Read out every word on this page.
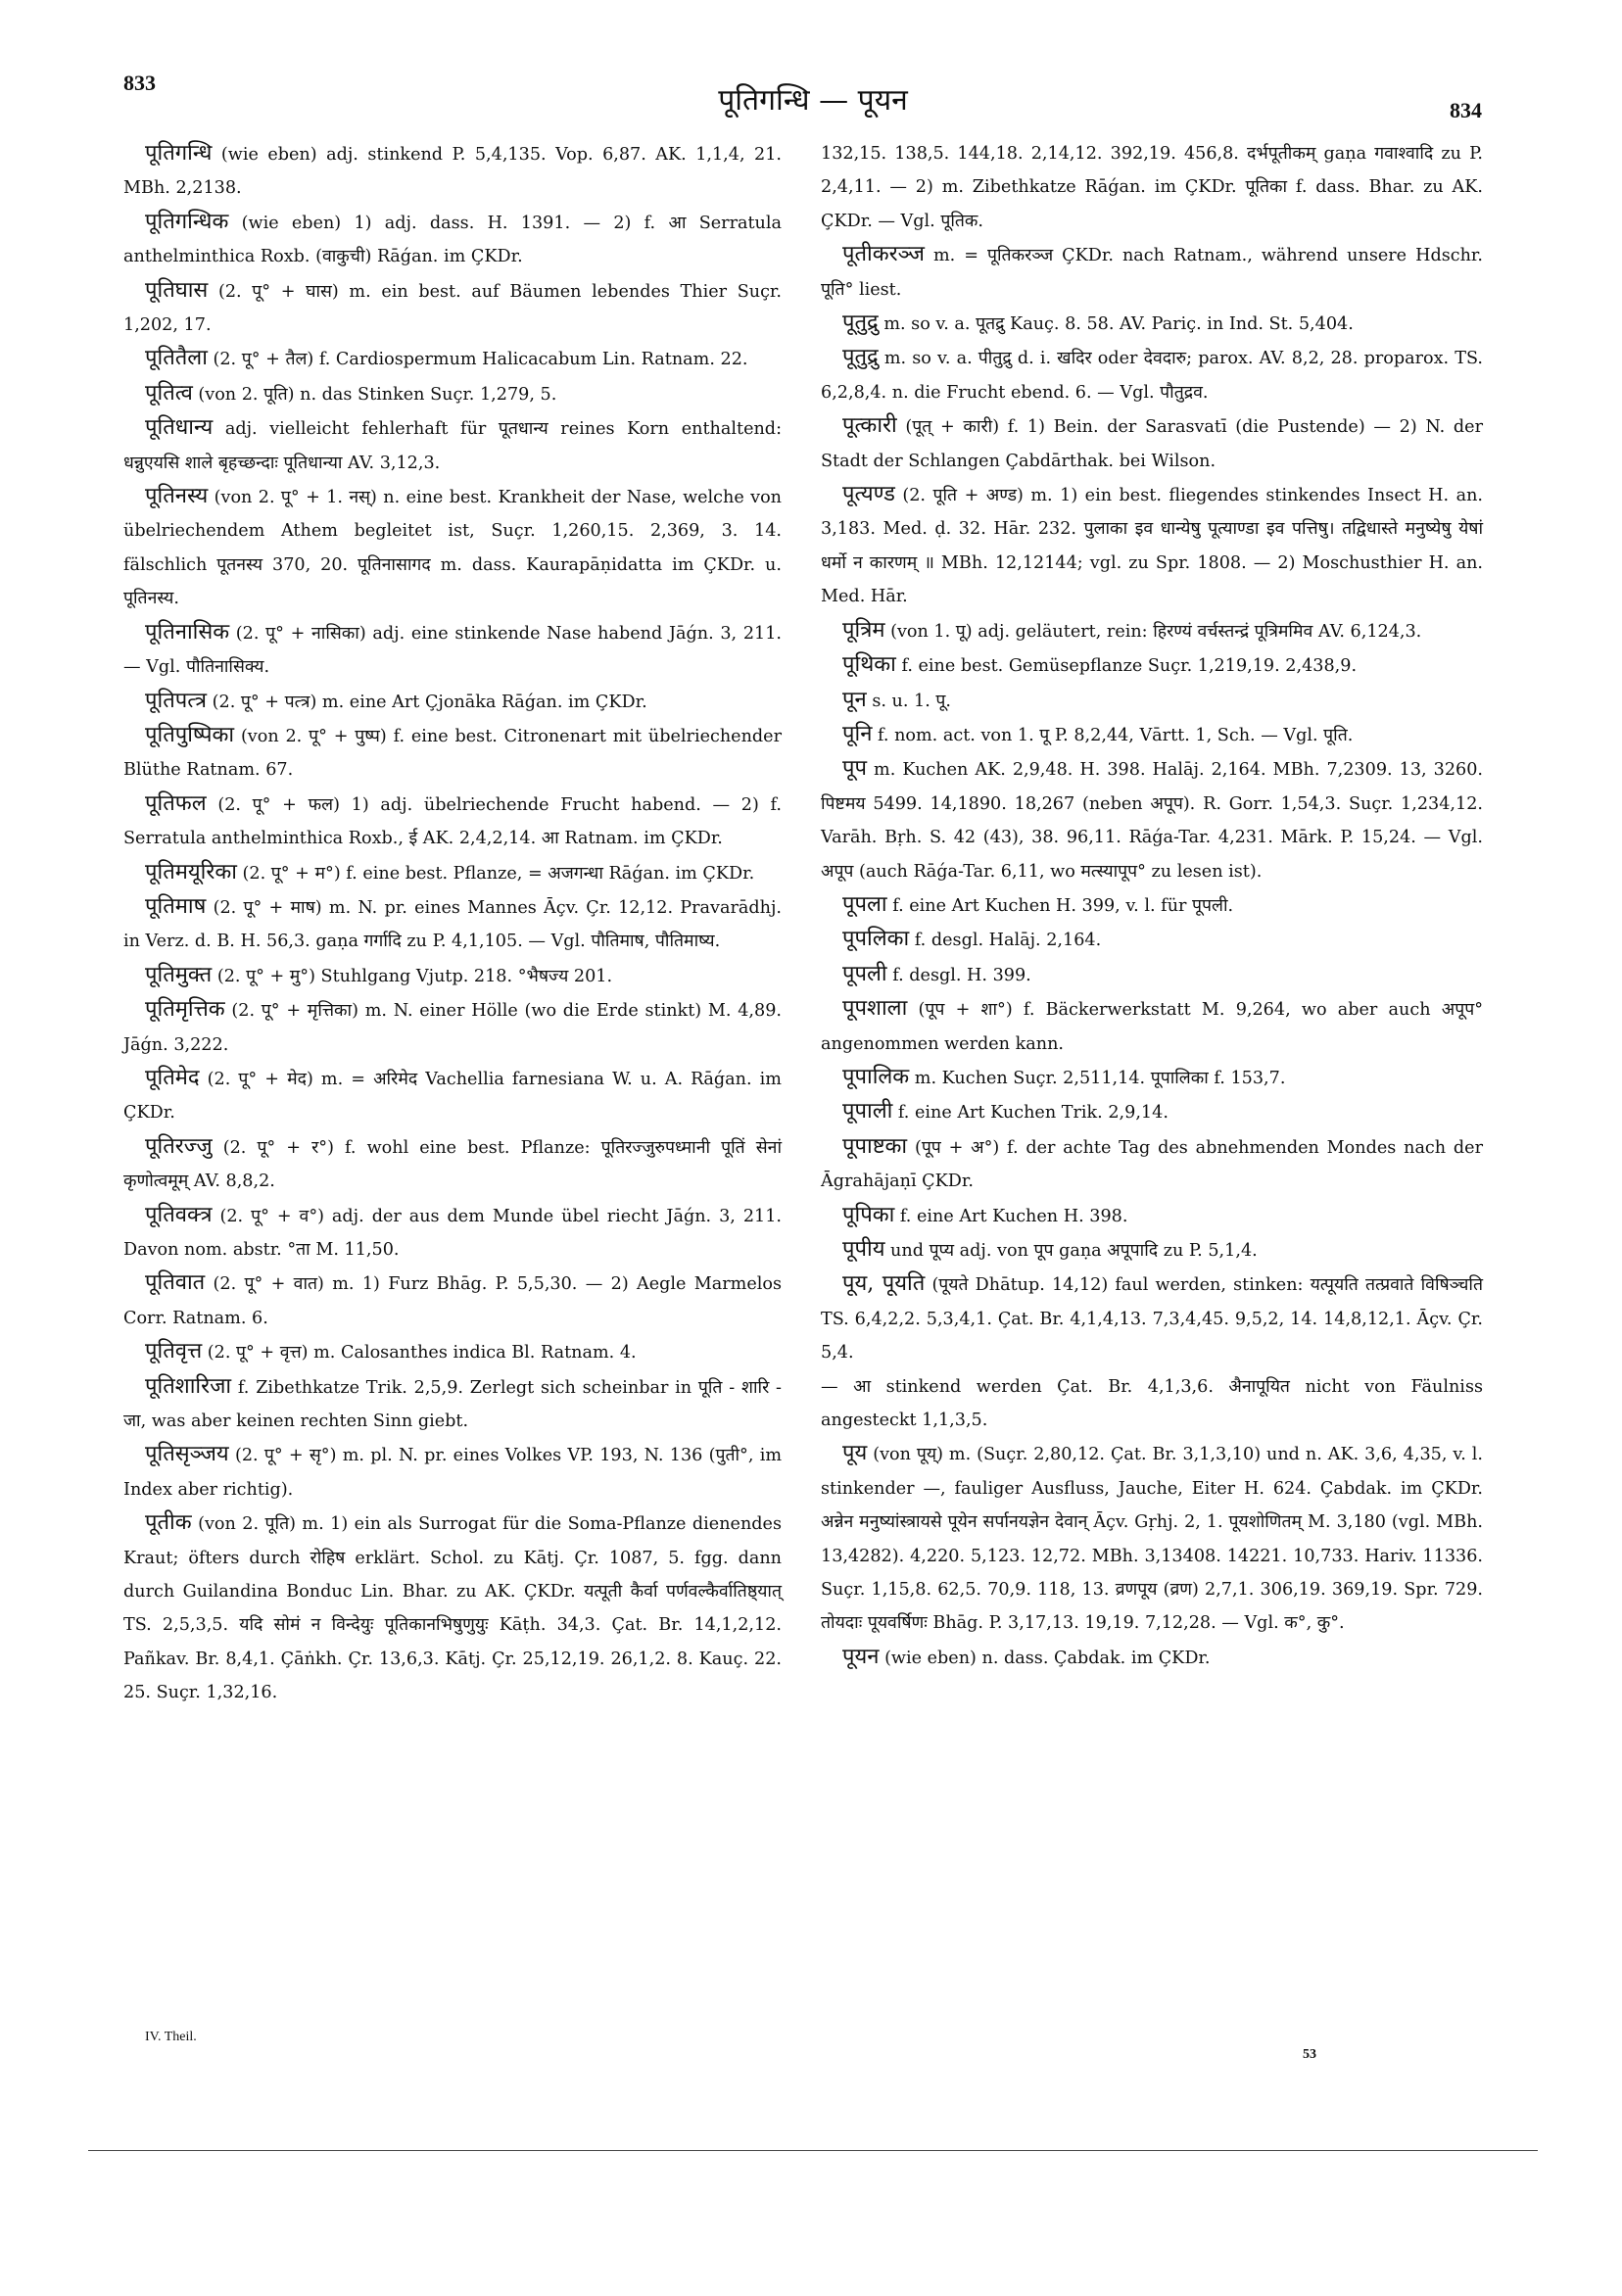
833
पूतिगन्धि — पूयन	834

पूतिगन्धि (wie eben) adj. stinkend P. 5,4,135. Vop. 6,87. AK. 1,1,4, 21. MBh. 2,2138.

पूतिगन्धिक (wie eben) 1) adj. dass. H. 1391. — 2) f. आ Serratula anthelminthica Roxb. (वाकुची) Rāǵan. im ÇKDr.

पूतिघास (2. पू° + घास) m. ein best. auf Bäumen lebendes Thier Suçr. 1,202, 17.

पूतितैला (2. पू° + तैल) f. Cardiospermum Halicacabum Lin. Ratnam. 22.

पूतित्व (von 2. पूति) n. das Stinken Suçr. 1,279, 5.

पूतिधान्य adj. vielleicht fehlerhaft für पूतधान्य reines Korn enthaltend: धन्नुएयसि शाले बृहच्छन्दाः पूतिधान्या AV. 3,12,3.

पूतिनस्य (von 2. पू° + 1. नस्) n. eine best. Krankheit der Nase, welche von übelriechendem Athem begleitet ist, Suçr. 1,260,15. 2,369, 3. 14. fälschlich पूतनस्य 370, 20. पूतिनासागद m. dass. Kaurapāṇidatta im ÇKDr. u. पूतिनस्य.

पूतिनासिक (2. पू° + नासिका) adj. eine stinkende Nase habend Jāǵn. 3, 211. — Vgl. पौतिनासिक्य.

पूतिपत्त्र (2. पू° + पत्त्र) m. eine Art Çjonāka Rāǵan. im ÇKDr.

पूतिपुष्पिका (von 2. पू° + पुष्प) f. eine best. Citronenart mit übelriechender Blüthe Ratnam. 67.

पूतिफल (2. पू° + फल) 1) adj. übelriechende Frucht habend. — 2) f. Serratula anthelminthica Roxb., ई AK. 2,4,2,14. आ Ratnam. im ÇKDr.

पूतिमयूरिका (2. पू° + म°) f. eine best. Pflanze, = अजगन्धा Rāǵan. im ÇKDr.

पूतिमाष (2. पू° + माष) m. N. pr. eines Mannes Āçv. Çr. 12,12. Pravarādhj. in Verz. d. B. H. 56,3. gaṇa गर्गादि zu P. 4,1,105. — Vgl. पौतिमाष, पौतिमाष्य.

पूतिमुक्त (2. पू° + मु°) Stuhlgang Vjutp. 218. °भैषज्य 201.

पूतिमृत्तिक (2. पू° + मृत्तिका) m. N. einer Hölle (wo die Erde stinkt) M. 4,89. Jāǵn. 3,222.

पूतिमेद (2. पू° + मेद) m. = अरिमेद Vachellia farnesiana W. u. A. Rāǵan. im ÇKDr.

पूतिरज्जु (2. पू° + र°) f. wohl eine best. Pflanze: पूतिरज्जुरुपध्मानी पूतिं सेनां कृणोत्वमूम् AV. 8,8,2.

पूतिवक्त्र (2. पू° + व°) adj. der aus dem Munde übel riecht Jāǵn. 3, 211. Davon nom. abstr. °ता M. 11,50.

पूतिवात (2. पू° + वात) m. 1) Furz Bhāg. P. 5,5,30. — 2) Aegle Marmelos Corr. Ratnam. 6.

पूतिवृत्त (2. पू° + वृत्त) m. Calosanthes indica Bl. Ratnam. 4.

पूतिशारिजा f. Zibethkatze Trik. 2,5,9. Zerlegt sich scheinbar in पूति - शारि - जा, was aber keinen rechten Sinn giebt.

पूतिसृञ्जय (2. पू° + सृ°) m. pl. N. pr. eines Volkes VP. 193, N. 136 (पुती°, im Index aber richtig).

पूतीक (von 2. पूति) m. 1) ein als Surrogat für die Soma-Pflanze dienendes Kraut; öfters durch रोहिष erklärt. Schol. zu Kātj. Çr. 1087, 5. fgg. dann durch Guilandina Bonduc Lin. Bhar. zu AK. ÇKDr. यत्पूती कैर्वा पर्णवल्कैर्वातिष्ठ्यात् TS. 2,5,3,5. यदि सोमं न विन्देयुः पूतिकानभिषुणुयुः Kāṭh. 34,3. Çat. Br. 14,1,2,12. Pañkav. Br. 8,4,1. Çāṅkh. Çr. 13,6,3. Kātj. Çr. 25,12,19. 26,1,2. 8. Kauç. 22. 25. Suçr. 1,32,16.

132,15. 138,5. 144,18. 2,14,12. 392,19. 456,8. दर्भपूतीकम् gaṇa गवाश्वादि zu P. 2,4,11. — 2) m. Zibethkatze Rāǵan. im ÇKDr. पूतिका f. dass. Bhar. zu AK. ÇKDr. — Vgl. पूतिक.

पूतीकरञ्ज m. = पूतिकरञ्ज ÇKDr. nach Ratnam., während unsere Hdschr. पूति° liest.

पूतुद्रु m. so v. a. पूतद्रु Kauç. 8. 58. AV. Pariç. in Ind. St. 5,404.

पूतुद्रु m. so v. a. पीतुद्रु d. i. खदिर oder देवदारु; parox. AV. 8,2, 28. proparox. TS. 6,2,8,4. n. die Frucht ebend. 6. — Vgl. पौतुद्रव.

पूत्कारी (पूत् + कारी) f. 1) Bein. der Sarasvatī (die Pustende) — 2) N. der Stadt der Schlangen Çabdārthak. bei Wilson.

पूत्यण्ड (2. पूति + अण्ड) m. 1) ein best. fliegendes stinkendes Insect H. an. 3,183. Med. ḍ. 32. Hār. 232. पुलाका इव धान्येषु पूत्याण्डा इव पत्तिषु। तद्विधास्ते मनुष्येषु येषां धर्मो न कारणम् ॥ MBh. 12,12144; vgl. zu Spr. 1808. — 2) Moschusthier H. an. Med. Hār.

पूत्रिम (von 1. पू) adj. geläutert, rein: हिरण्यं वर्चस्तन्द्रं पूत्रिममिव AV. 6,124,3.

पूथिका f. eine best. Gemüsepflanze Suçr. 1,219,19. 2,438,9.

पून s. u. 1. पू.

पूनि f. nom. act. von 1. पू P. 8,2,44, Vārtt. 1, Sch. — Vgl. पूति.

पूप m. Kuchen AK. 2,9,48. H. 398. Halāj. 2,164. MBh. 7,2309. 13, 3260. पिष्टमय 5499. 14,1890. 18,267 (neben अपूप). R. Gorr. 1,54,3. Suçr. 1,234,12. Varāh. Bṛh. S. 42 (43), 38. 96,11. Rāǵa-Tar. 4,231. Mārk. P. 15,24. — Vgl. अपूप (auch Rāǵa-Tar. 6,11, wo मत्स्यापूप° zu lesen ist).

पूपला f. eine Art Kuchen H. 399, v. l. für पूपली.

पूपलिका f. desgl. Halāj. 2,164.

पूपली f. desgl. H. 399.

पूपशाला (पूप + शा°) f. Bäckerwerkstatt M. 9,264, wo aber auch अपूप° angenommen werden kann.

पूपालिक m. Kuchen Suçr. 2,511,14. पूपालिका f. 153,7.

पूपाली f. eine Art Kuchen Trik. 2,9,14.

पूपाष्टका (पूप + अ°) f. der achte Tag des abnehmenden Mondes nach der Āgrahājaṇī ÇKDr.

पूपिका f. eine Art Kuchen H. 398.

पूपीय und पूप्य adj. von पूप gaṇa अपूपादि zu P. 5,1,4.

पूय, पूयति (पूयते Dhātup. 14,12) faul werden, stinken: यत्पूयति तत्प्रवाते विषिञ्चति TS. 6,4,2,2. 5,3,4,1. Çat. Br. 4,1,4,13. 7,3,4,45. 9,5,2, 14. 14,8,12,1. Āçv. Çr. 5,4.

— आ stinkend werden Çat. Br. 4,1,3,6. अैनापूयित nicht von Fäulniss angesteckt 1,1,3,5.

पूय (von पूय्) m. (Suçr. 2,80,12. Çat. Br. 3,1,3,10) und n. AK. 3,6, 4,35, v. l. stinkender —, fauliger Ausfluss, Jauche, Eiter H. 624. Çabdak. im ÇKDr. अन्नेन मनुष्यांस्त्रायसे पूयेन सर्पानयज्ञेन देवान् Āçv. Gṛhj. 2, 1. पूयशोणितम् M. 3,180 (vgl. MBh. 13,4282). 4,220. 5,123. 12,72. MBh. 3,13408. 14221. 10,733. Hariv. 11336. Suçr. 1,15,8. 62,5. 70,9. 118, 13. व्रणपूय (व्रण) 2,7,1. 306,19. 369,19. Spr. 729. तोयदाः पूयवर्षिणः Bhāg. P. 3,17,13. 19,19. 7,12,28. — Vgl. क°, कु°.

पूयन (wie eben) n. dass. Çabdak. im ÇKDr.

IV. Theil.
53
